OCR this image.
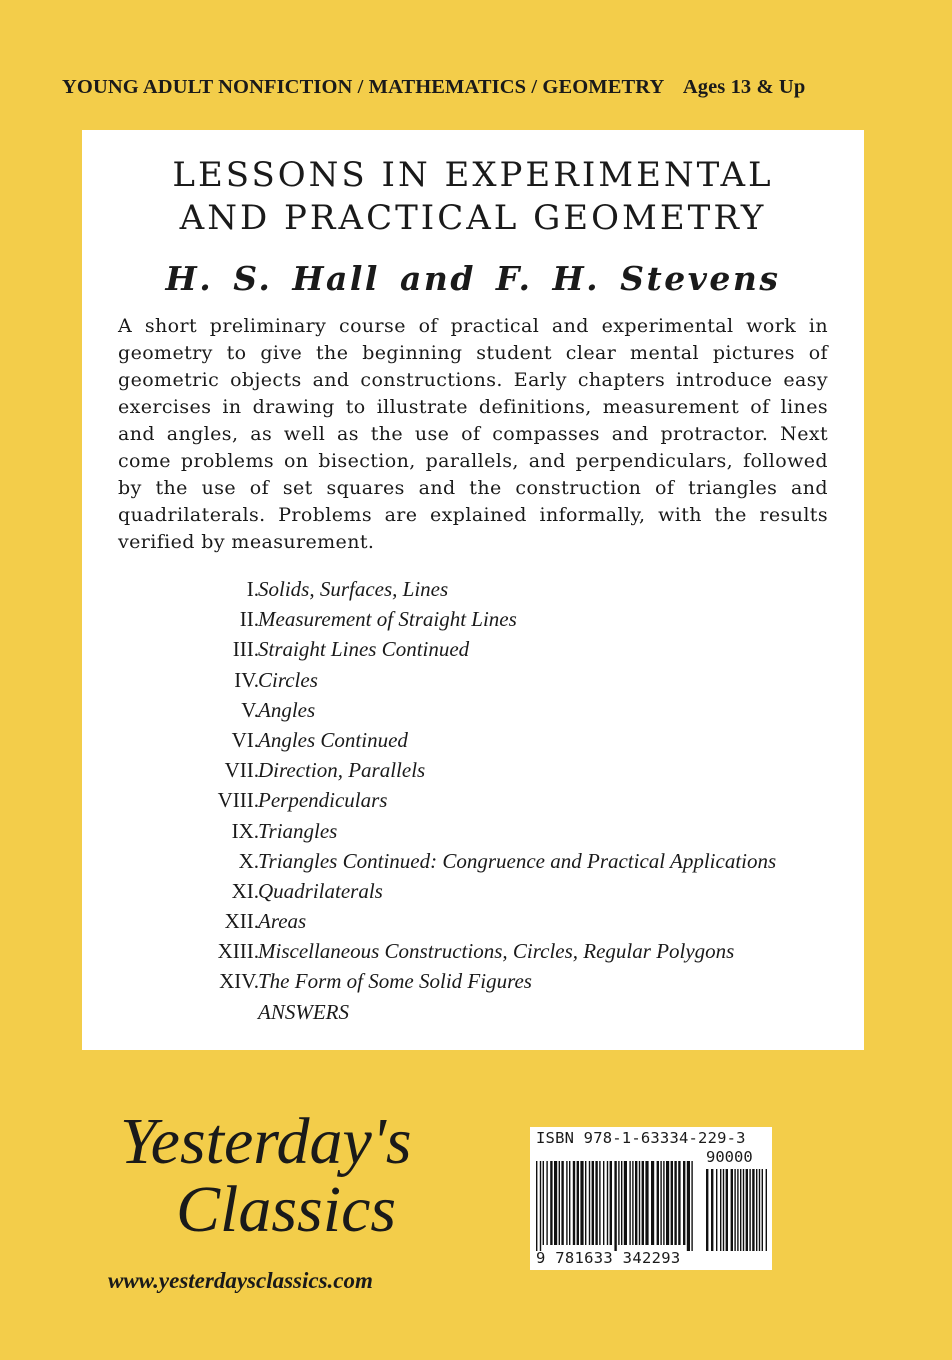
YOUNG ADULT NONFICTION / MATHEMATICS / GEOMETRY Ages 13 & Up
LESSONS IN EXPERIMENTAL
AND PRACTICAL GEOMETRY
H. S. Hall and F. H. Stevens
A short preliminary course of practical and experimental work in geometry to give the beginning student clear mental pictures of geometric objects and constructions. Early chapters introduce easy exercises in drawing to illustrate definitions, measurement of lines and angles, as well as the use of compasses and protractor. Next come problems on bisection, parallels, and perpendiculars, followed by the use of set squares and the construction of triangles and quadrilaterals. Problems are explained informally, with the results verified by measurement.
I. Solids, Surfaces, Lines
II. Measurement of Straight Lines
III. Straight Lines Continued
IV. Circles
V. Angles
VI. Angles Continued
VII. Direction, Parallels
VIII. Perpendiculars
IX. Triangles
X. Triangles Continued: Congruence and Practical Applications
XI. Quadrilaterals
XII. Areas
XIII. Miscellaneous Constructions, Circles, Regular Polygons
XIV. The Form of Some Solid Figures
ANSWERS
Yesterday's
Classics
www.yesterdaysclassics.com
ISBN 978-1-63334-229-3
90000
9 781633 342293
